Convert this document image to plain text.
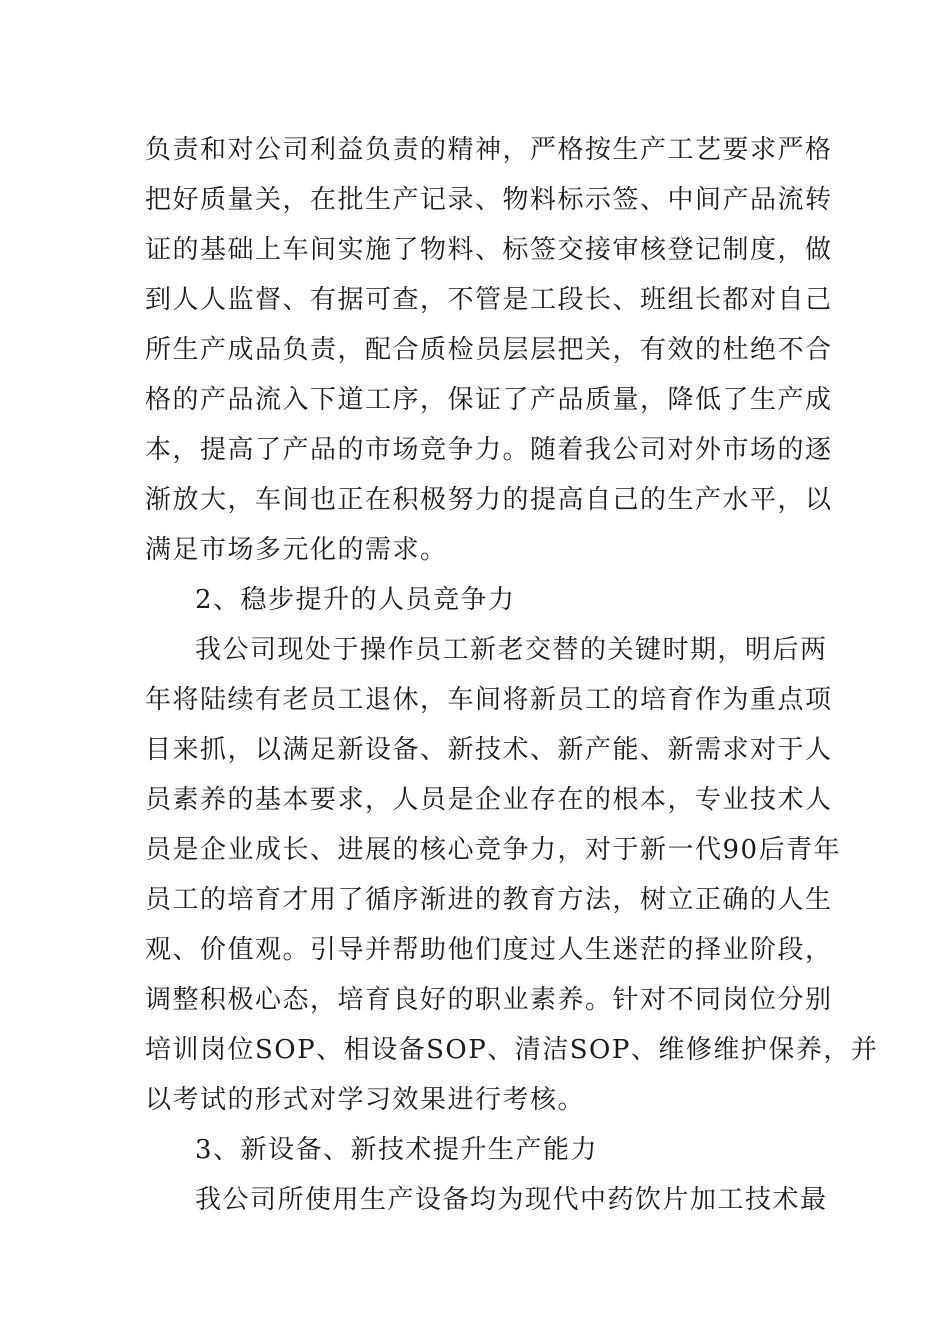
负责和对公司利益负责的精神，严格按生产工艺要求严格
把好质量关，在批生产记录、物料标示签、中间产品流转
证的基础上车间实施了物料、标签交接审核登记制度，做
到人人监督、有据可查，不管是工段长、班组长都对自己
所生产成品负责，配合质检员层层把关，有效的杜绝不合
格的产品流入下道工序，保证了产品质量，降低了生产成
本，提高了产品的市场竞争力。随着我公司对外市场的逐
渐放大，车间也正在积极努力的提高自己的生产水平，以
满足市场多元化的需求。
2、稳步提升的人员竞争力
我公司现处于操作员工新老交替的关键时期，明后两
年将陆续有老员工退休，车间将新员工的培育作为重点项
目来抓，以满足新设备、新技术、新产能、新需求对于人
员素养的基本要求，人员是企业存在的根本，专业技术人
员是企业成长、进展的核心竞争力，对于新一代90后青年
员工的培育才用了循序渐进的教育方法，树立正确的人生
观、价值观。引导并帮助他们度过人生迷茫的择业阶段，
调整积极心态，培育良好的职业素养。针对不同岗位分别
培训岗位SOP、相设备SOP、清洁SOP、维修维护保养，并
以考试的形式对学习效果进行考核。
3、新设备、新技术提升生产能力
我公司所使用生产设备均为现代中药饮片加工技术最
